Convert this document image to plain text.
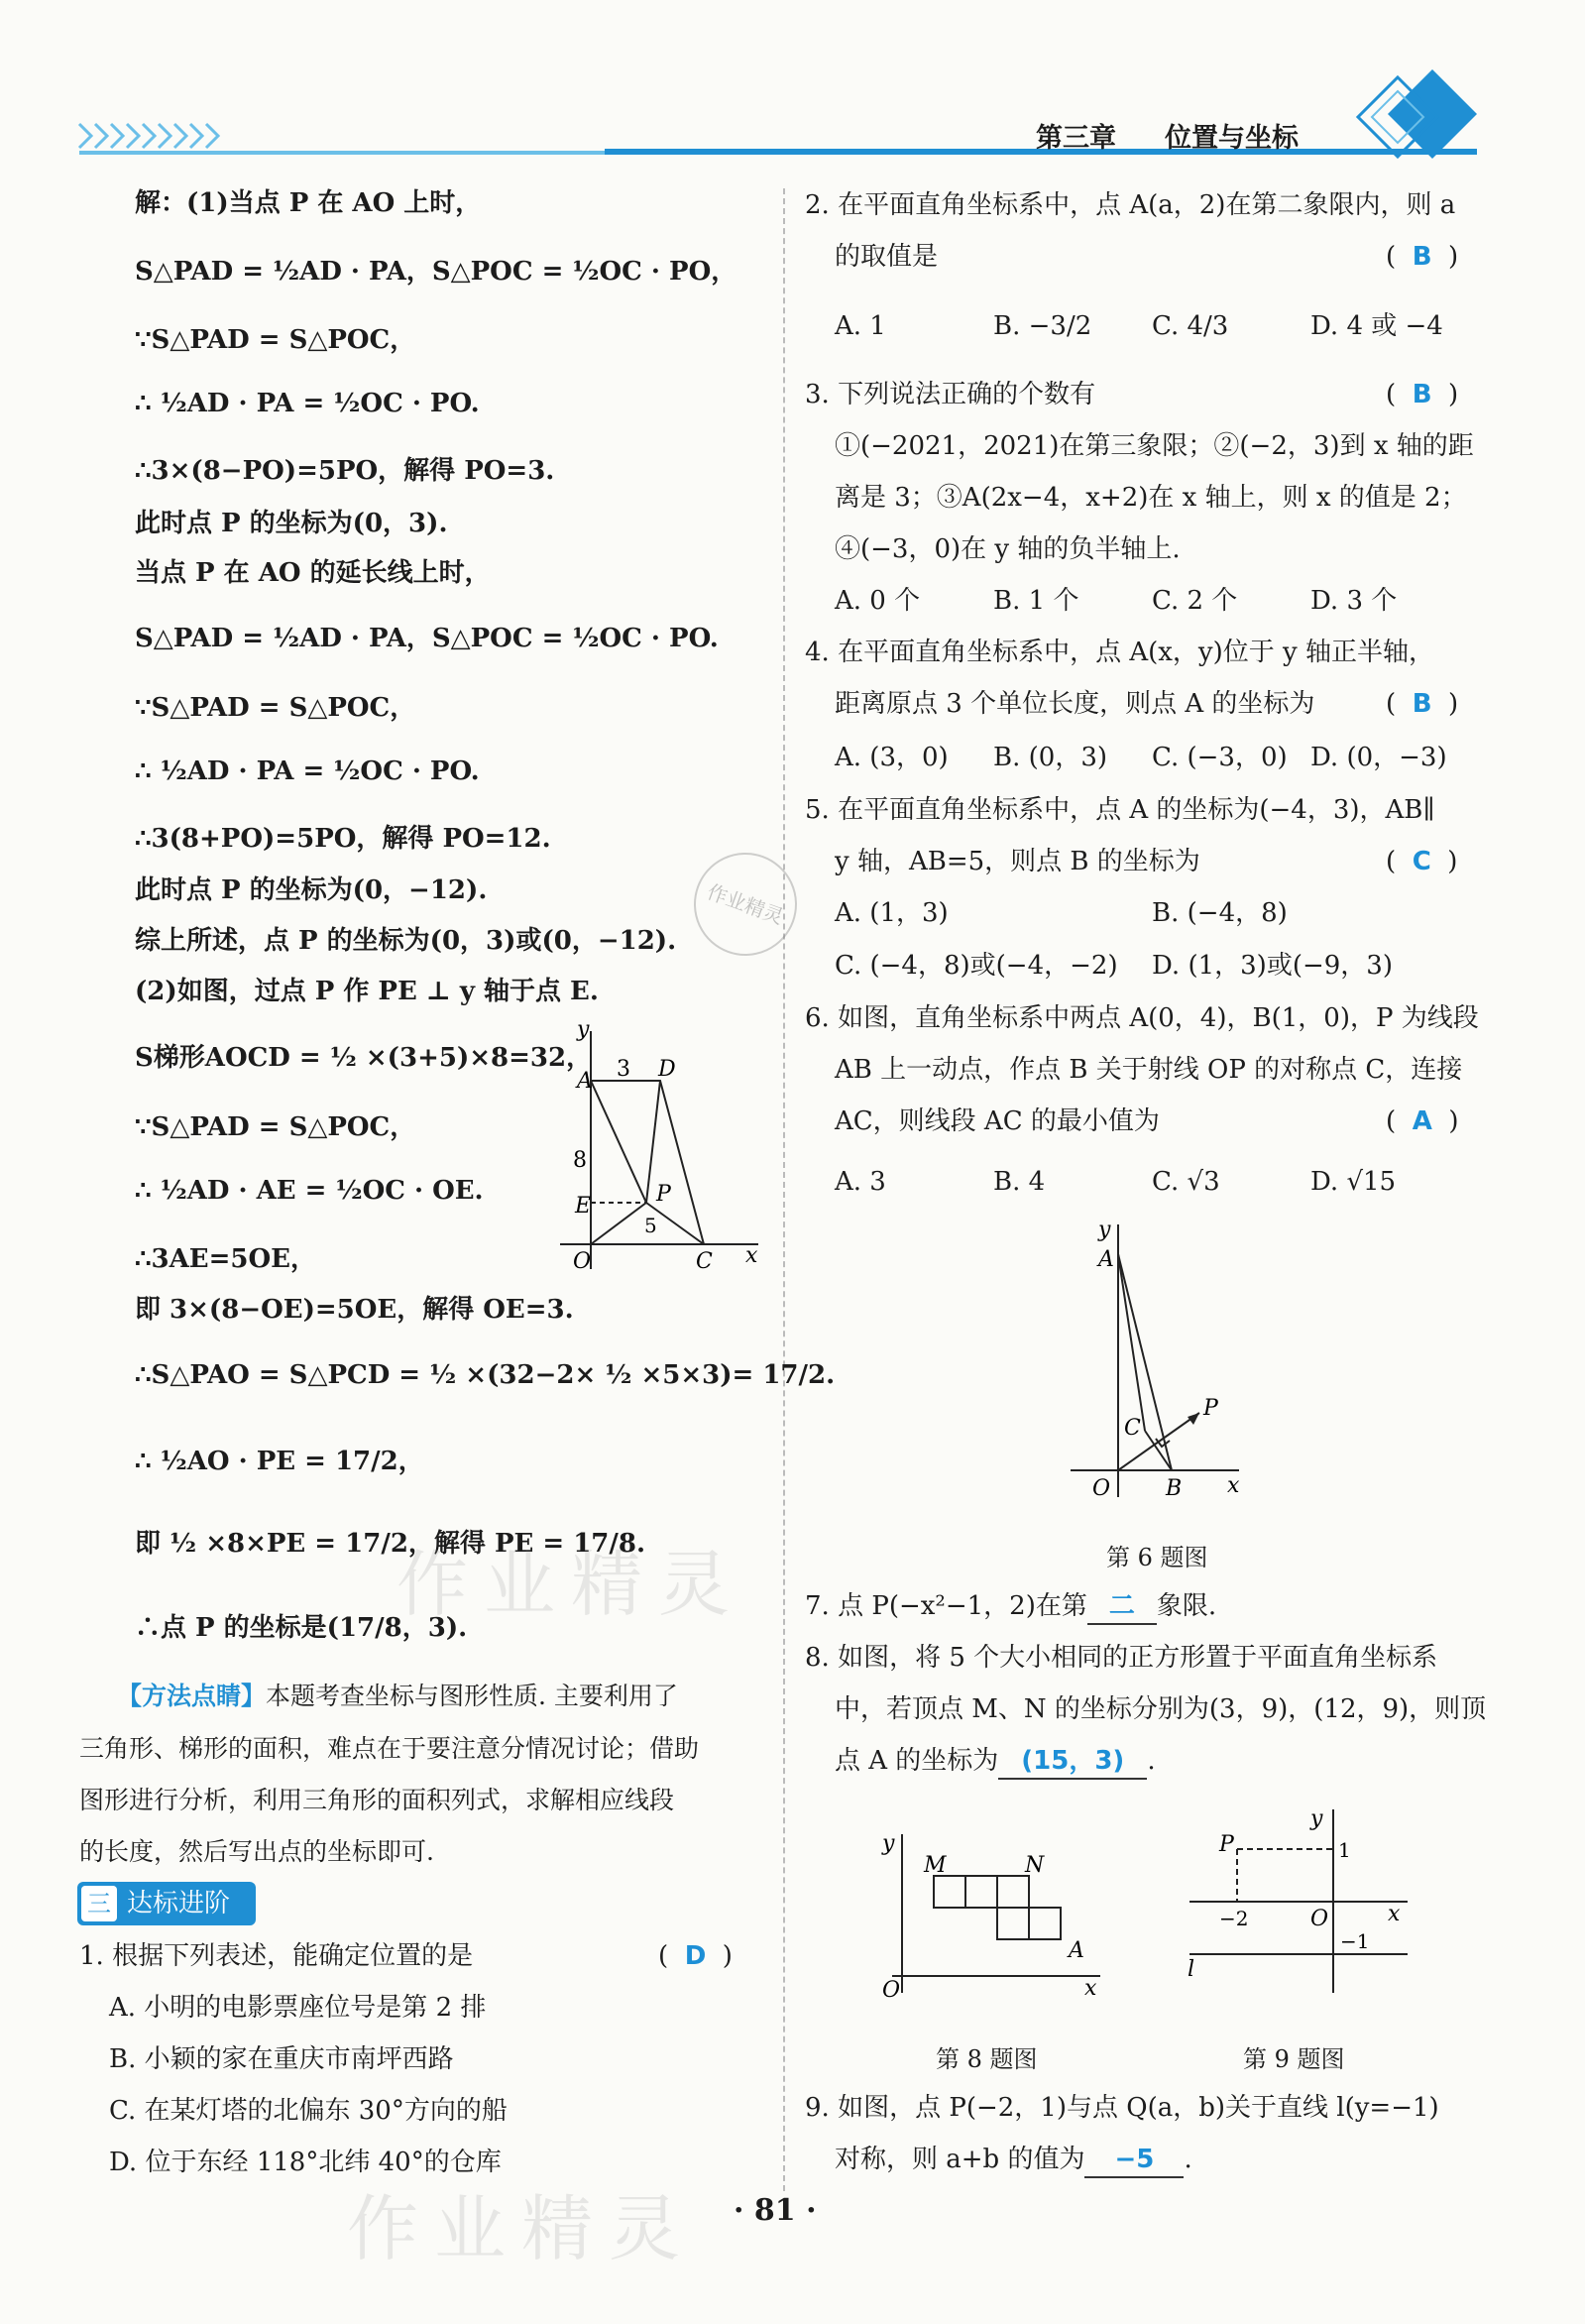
第三章 位置与坐标
解：(1)当点 P 在 AO 上时，
S△PAD = ½AD · PA，S△POC = ½OC · PO，
∵S△PAD = S△POC，
∴ ½AD · PA = ½OC · PO.
∴3×(8−PO)=5PO，解得 PO=3.
此时点 P 的坐标为(0，3).
当点 P 在 AO 的延长线上时，
S△PAD = ½AD · PA，S△POC = ½OC · PO.
∵S△PAD = S△POC，
∴ ½AD · PA = ½OC · PO.
∴3(8+PO)=5PO，解得 PO=12.
此时点 P 的坐标为(0，−12).
综上所述，点 P 的坐标为(0，3)或(0，−12).
(2)如图，过点 P 作 PE ⊥ y 轴于点 E.
S梯形AOCD = ½ ×(3+5)×8=32，
∵S△PAD = S△POC，
∴ ½AD · AE = ½OC · OE.
∴3AE=5OE，
即 3×(8−OE)=5OE，解得 OE=3.
∴S△PAO = S△PCD = ½ ×(32−2× ½ ×5×3)= 17/2.
∴ ½AO · PE = 17/2，
即 ½ ×8×PE = 17/2，解得 PE = 17/8.
∴点 P 的坐标是(17/8，3).
y
A 3 D
8
E	P
5
O	C x
【方法点睛】本题考查坐标与图形性质. 主要利用了
三角形、梯形的面积，难点在于要注意分情况讨论；借助
图形进行分析，利用三角形的面积列式，求解相应线段
的长度，然后写出点的坐标即可.
三 达标进阶
1. 根据下列表述，能确定位置的是	(  D  )
A. 小明的电影票座位号是第 2 排
B. 小颖的家在重庆市南坪西路
C. 在某灯塔的北偏东 30°方向的船
D. 位于东经 118°北纬 40°的仓库
2. 在平面直角坐标系中，点 A(a，2)在第二象限内，则 a
的取值是	(  B  )
A. 1	B. −3/2 C. 4/3	D. 4 或 −4
3. 下列说法正确的个数有	(  B  )
①(−2021，2021)在第三象限；②(−2，3)到 x 轴的距
离是 3；③A(2x−4，x+2)在 x 轴上，则 x 的值是 2；
④(−3，0)在 y 轴的负半轴上.
A. 0 个	B. 1 个	C. 2 个	D. 3 个
4. 在平面直角坐标系中，点 A(x，y)位于 y 轴正半轴，
距离原点 3 个单位长度，则点 A 的坐标为	(  B  )
A. (3，0) B. (0，3) C. (−3，0) D. (0，−3)
5. 在平面直角坐标系中，点 A 的坐标为(−4，3)，AB∥
y 轴，AB=5，则点 B 的坐标为	(  C  )
A. (1，3)	B. (−4，8)
C. (−4，8)或(−4，−2) D. (1，3)或(−9，3)
6. 如图，直角坐标系中两点 A(0，4)，B(1，0)，P 为线段
AB 上一动点，作点 B 关于射线 OP 的对称点 C，连接
AC，则线段 AC 的最小值为	(  A  )
A. 3	B. 4	C. √3	D. √15
y
A
C
P
O	B x
第 6 题图
7. 点 P(−x²−1，2)在第 二 象限.
8. 如图，将 5 个大小相同的正方形置于平面直角坐标系
中，若顶点 M、N 的坐标分别为(3，9)，(12，9)，则顶
点 A 的坐标为 (15，3) .
y
M	N
A
O	x
第 8 题图
y
P	1
−2	O	x
l
−1
第 9 题图
9. 如图，点 P(−2，1)与点 Q(a，b)关于直线 l(y=−1)
对称，则 a+b 的值为 −5 .
作业精灵
作业精灵
作业精灵 · 81 ·
